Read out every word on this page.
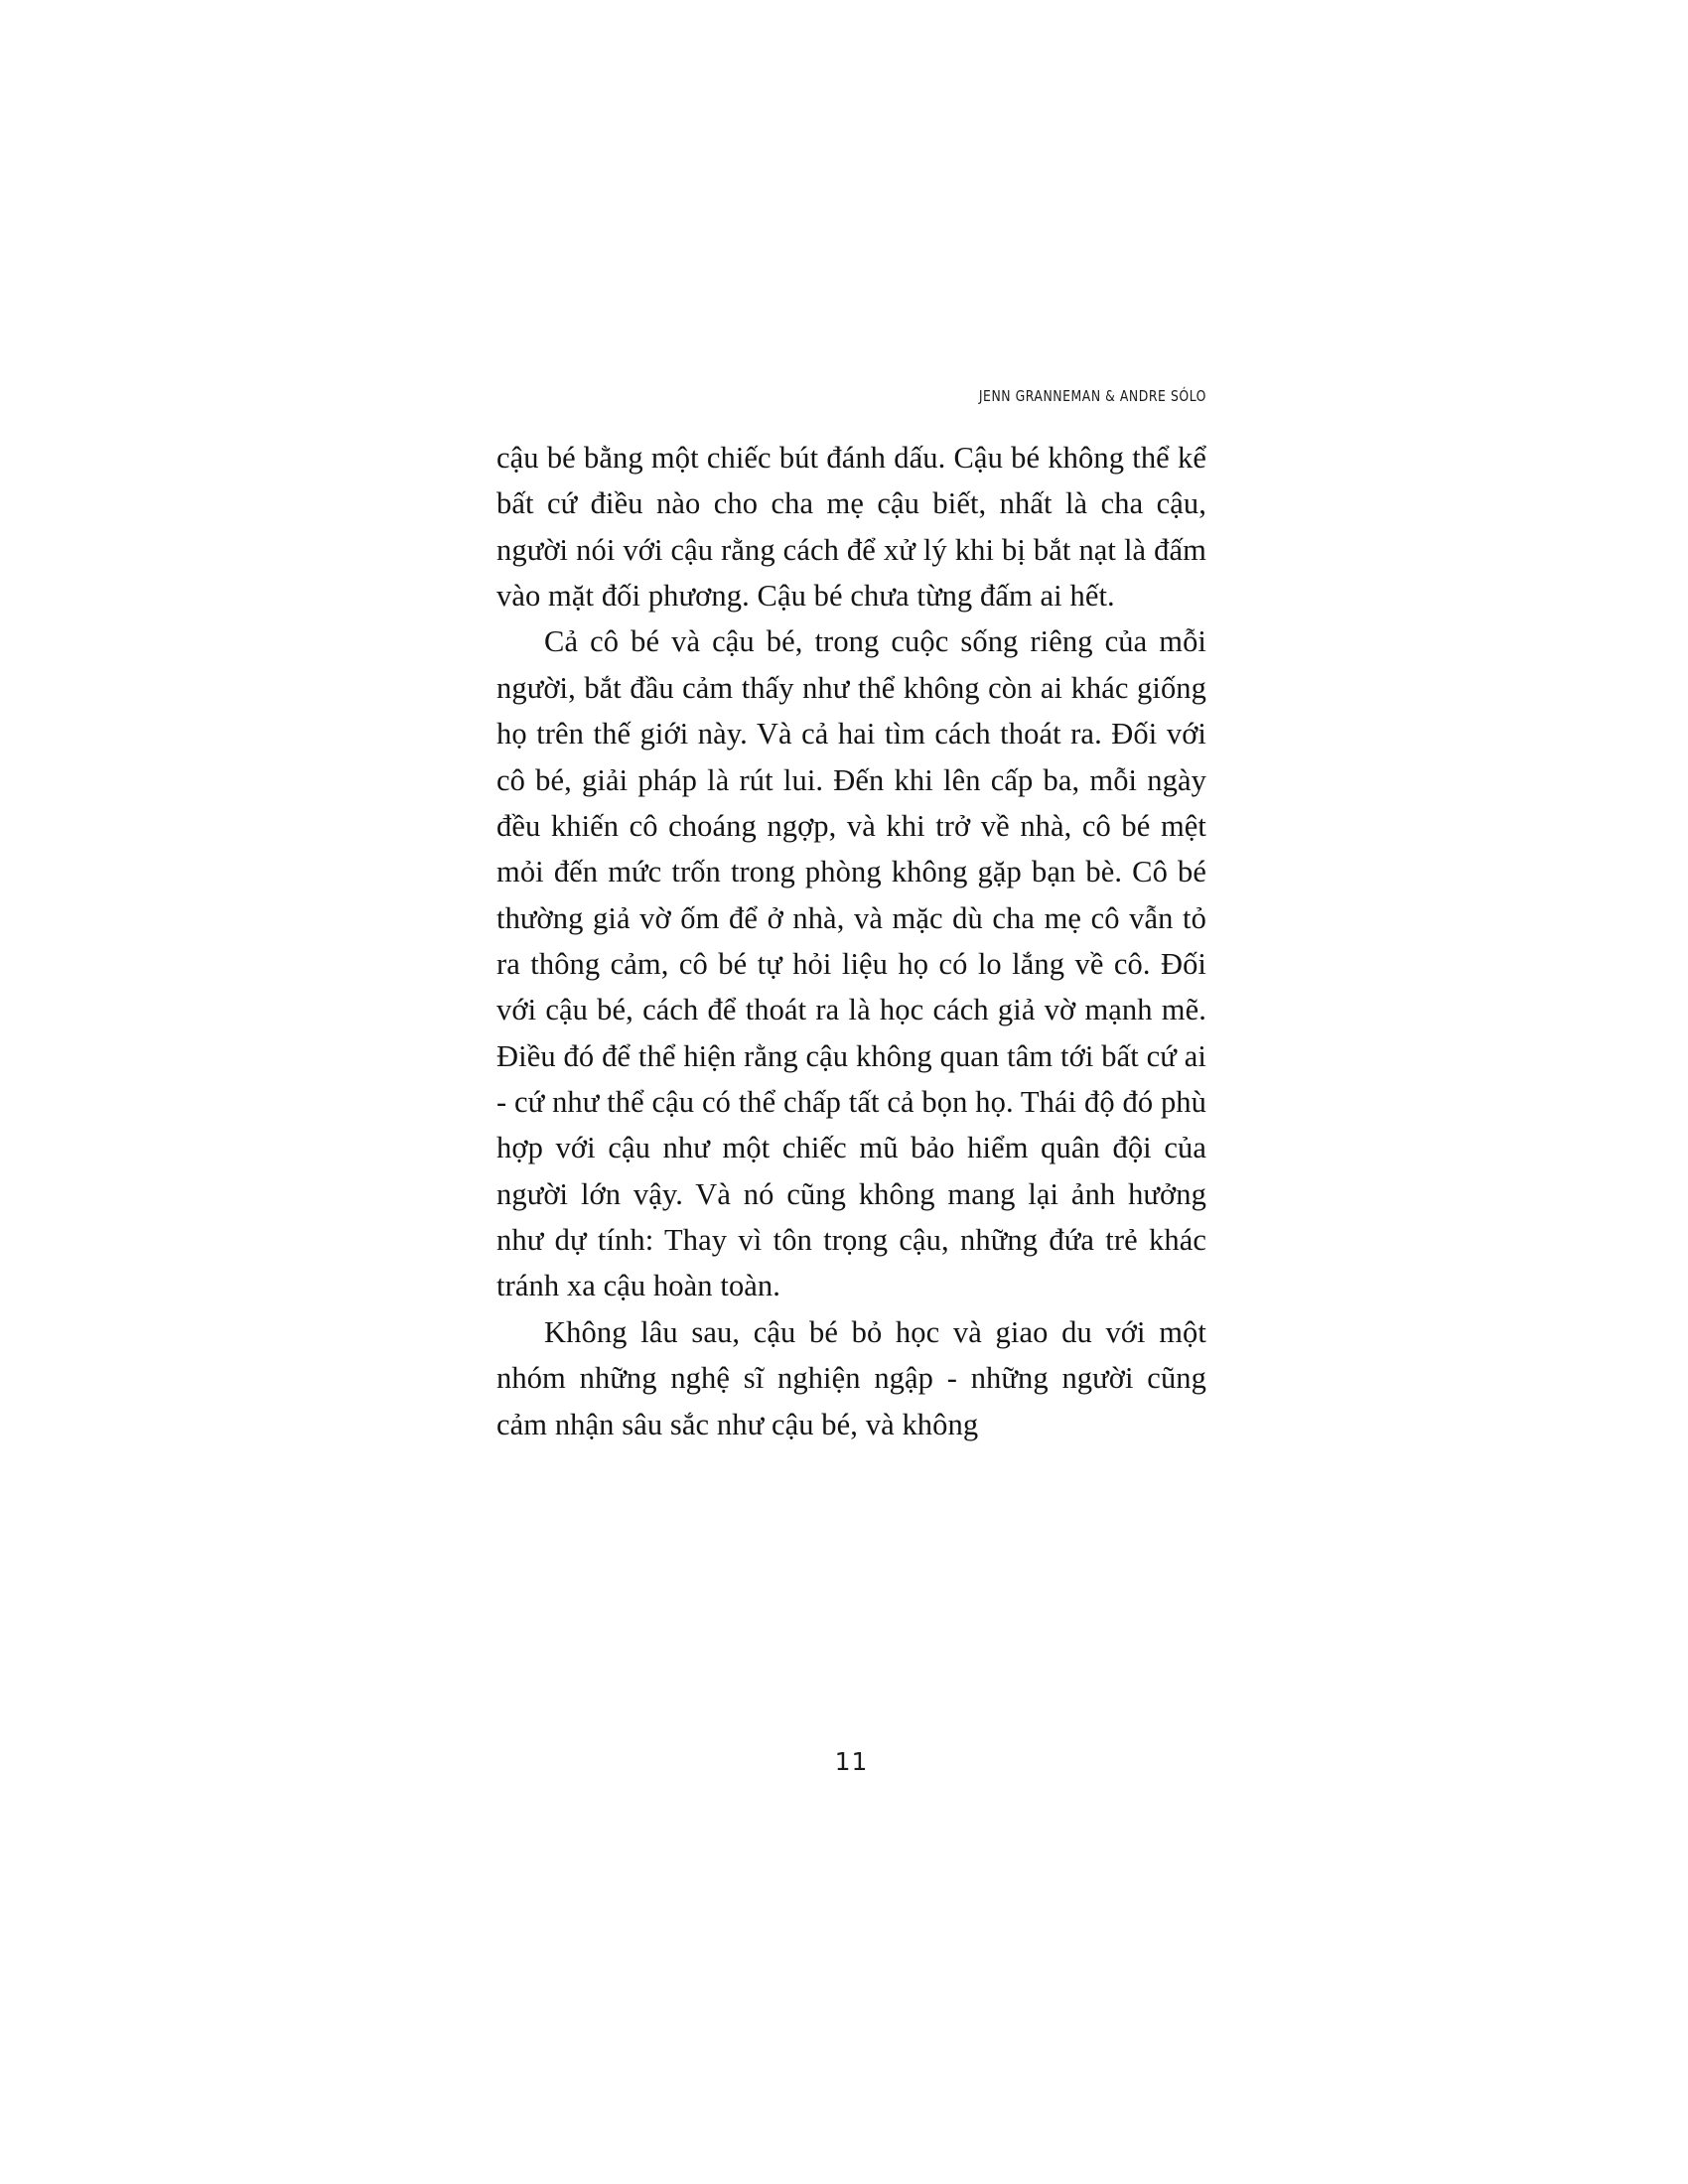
JENN GRANNEMAN & ANDRE SÓLO

cậu bé bằng một chiếc bút đánh dấu. Cậu bé không thể kể bất cứ điều nào cho cha mẹ cậu biết, nhất là cha cậu, người nói với cậu rằng cách để xử lý khi bị bắt nạt là đấm vào mặt đối phương. Cậu bé chưa từng đấm ai hết.

Cả cô bé và cậu bé, trong cuộc sống riêng của mỗi người, bắt đầu cảm thấy như thể không còn ai khác giống họ trên thế giới này. Và cả hai tìm cách thoát ra. Đối với cô bé, giải pháp là rút lui. Đến khi lên cấp ba, mỗi ngày đều khiến cô choáng ngợp, và khi trở về nhà, cô bé mệt mỏi đến mức trốn trong phòng không gặp bạn bè. Cô bé thường giả vờ ốm để ở nhà, và mặc dù cha mẹ cô vẫn tỏ ra thông cảm, cô bé tự hỏi liệu họ có lo lắng về cô. Đối với cậu bé, cách để thoát ra là học cách giả vờ mạnh mẽ. Điều đó để thể hiện rằng cậu không quan tâm tới bất cứ ai - cứ như thể cậu có thể chấp tất cả bọn họ. Thái độ đó phù hợp với cậu như một chiếc mũ bảo hiểm quân đội của người lớn vậy. Và nó cũng không mang lại ảnh hưởng như dự tính: Thay vì tôn trọng cậu, những đứa trẻ khác tránh xa cậu hoàn toàn.

Không lâu sau, cậu bé bỏ học và giao du với một nhóm những nghệ sĩ nghiện ngập - những người cũng cảm nhận sâu sắc như cậu bé, và không

11
